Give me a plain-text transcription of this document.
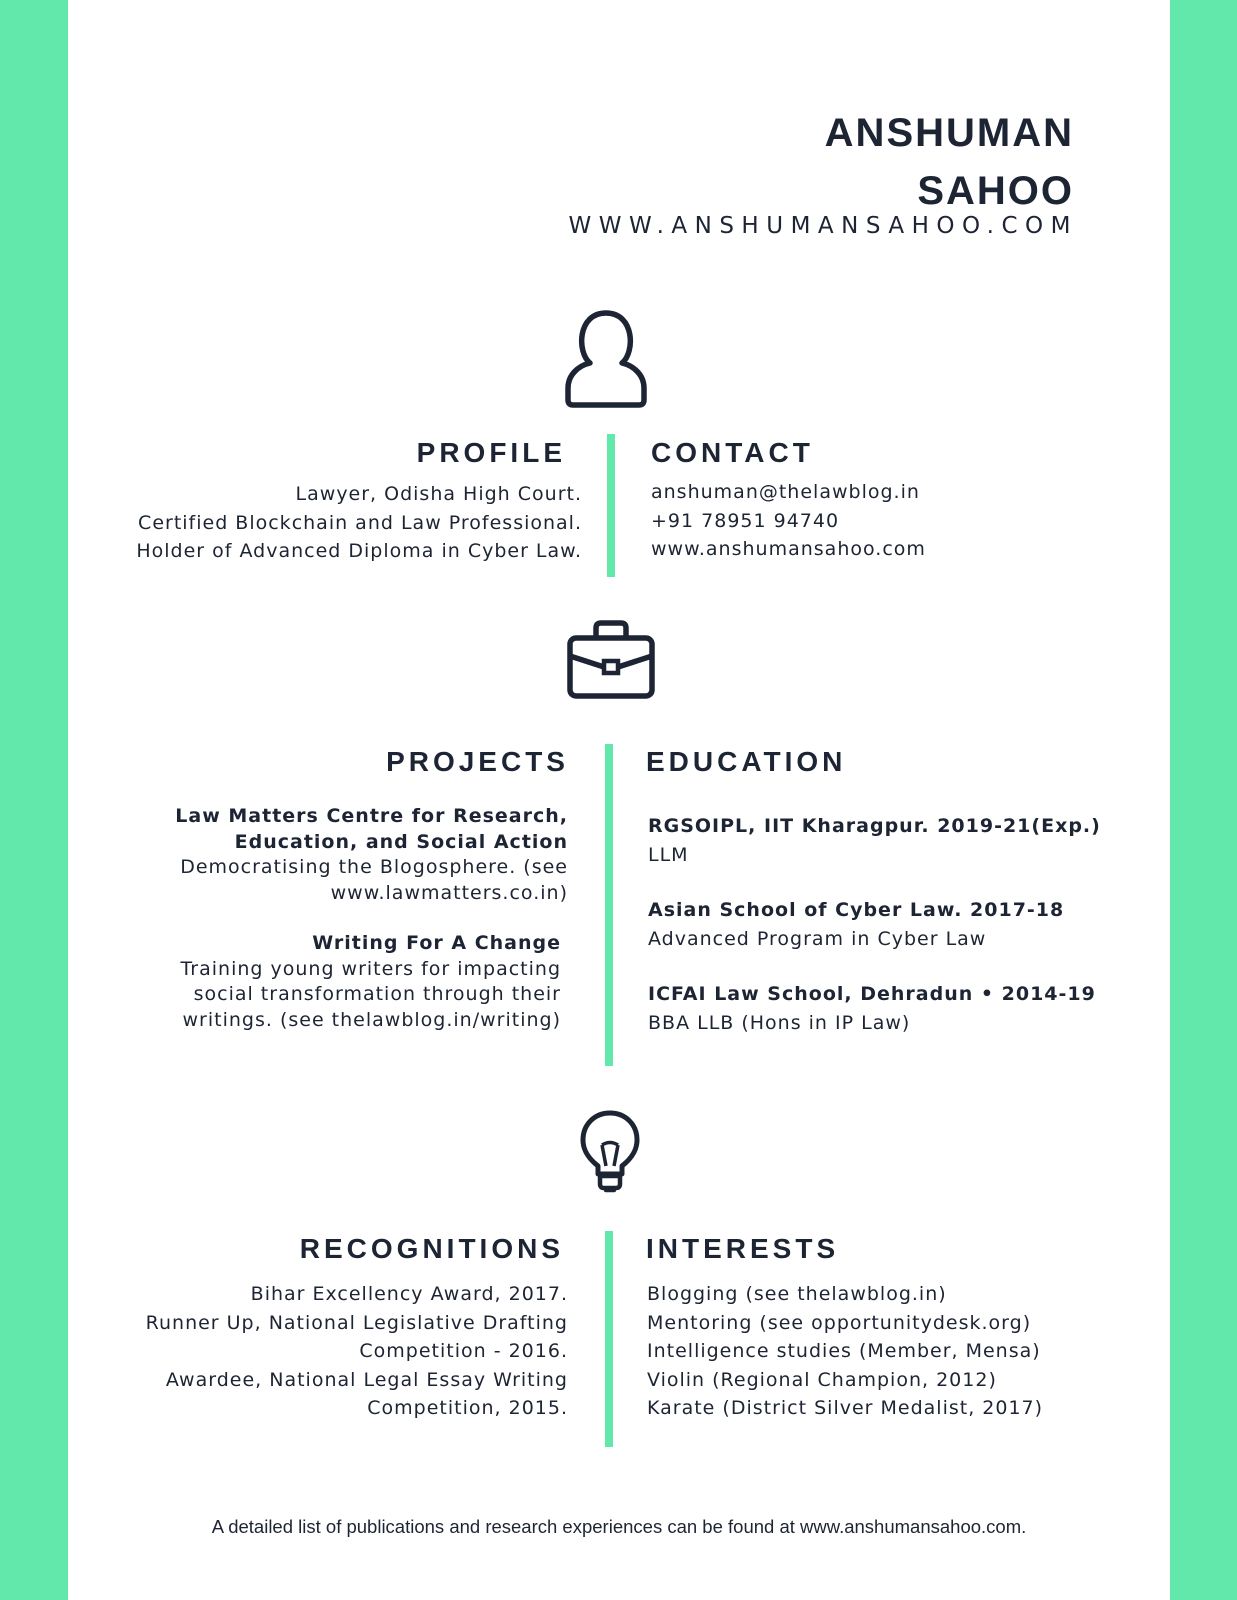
ANSHUMAN
SAHOO
WWW.ANSHUMANSAHOO.COM
PROFILE	CONTACT
Lawyer, Odisha High Court.
Certified Blockchain and Law Professional.
Holder of Advanced Diploma in Cyber Law.
anshuman@thelawblog.in
+91 78951 94740
www.anshumansahoo.com
PROJECTS	EDUCATION
Law Matters Centre for Research,
Education, and Social Action
Democratising the Blogosphere. (see
www.lawmatters.co.in)
Writing For A Change
Training young writers for impacting
social transformation through their
writings. (see thelawblog.in/writing)
RGSOIPL, IIT Kharagpur. 2019-21(Exp.)
LLM
Asian School of Cyber Law. 2017-18
Advanced Program in Cyber Law
ICFAI Law School, Dehradun • 2014-19
BBA LLB (Hons in IP Law)
RECOGNITIONS	INTERESTS
Bihar Excellency Award, 2017.
Runner Up, National Legislative Drafting
Competition - 2016.
Awardee, National Legal Essay Writing
Competition, 2015.
Blogging (see thelawblog.in)
Mentoring (see opportunitydesk.org)
Intelligence studies (Member, Mensa)
Violin (Regional Champion, 2012)
Karate (District Silver Medalist, 2017)
A detailed list of publications and research experiences can be found at www.anshumansahoo.com.
